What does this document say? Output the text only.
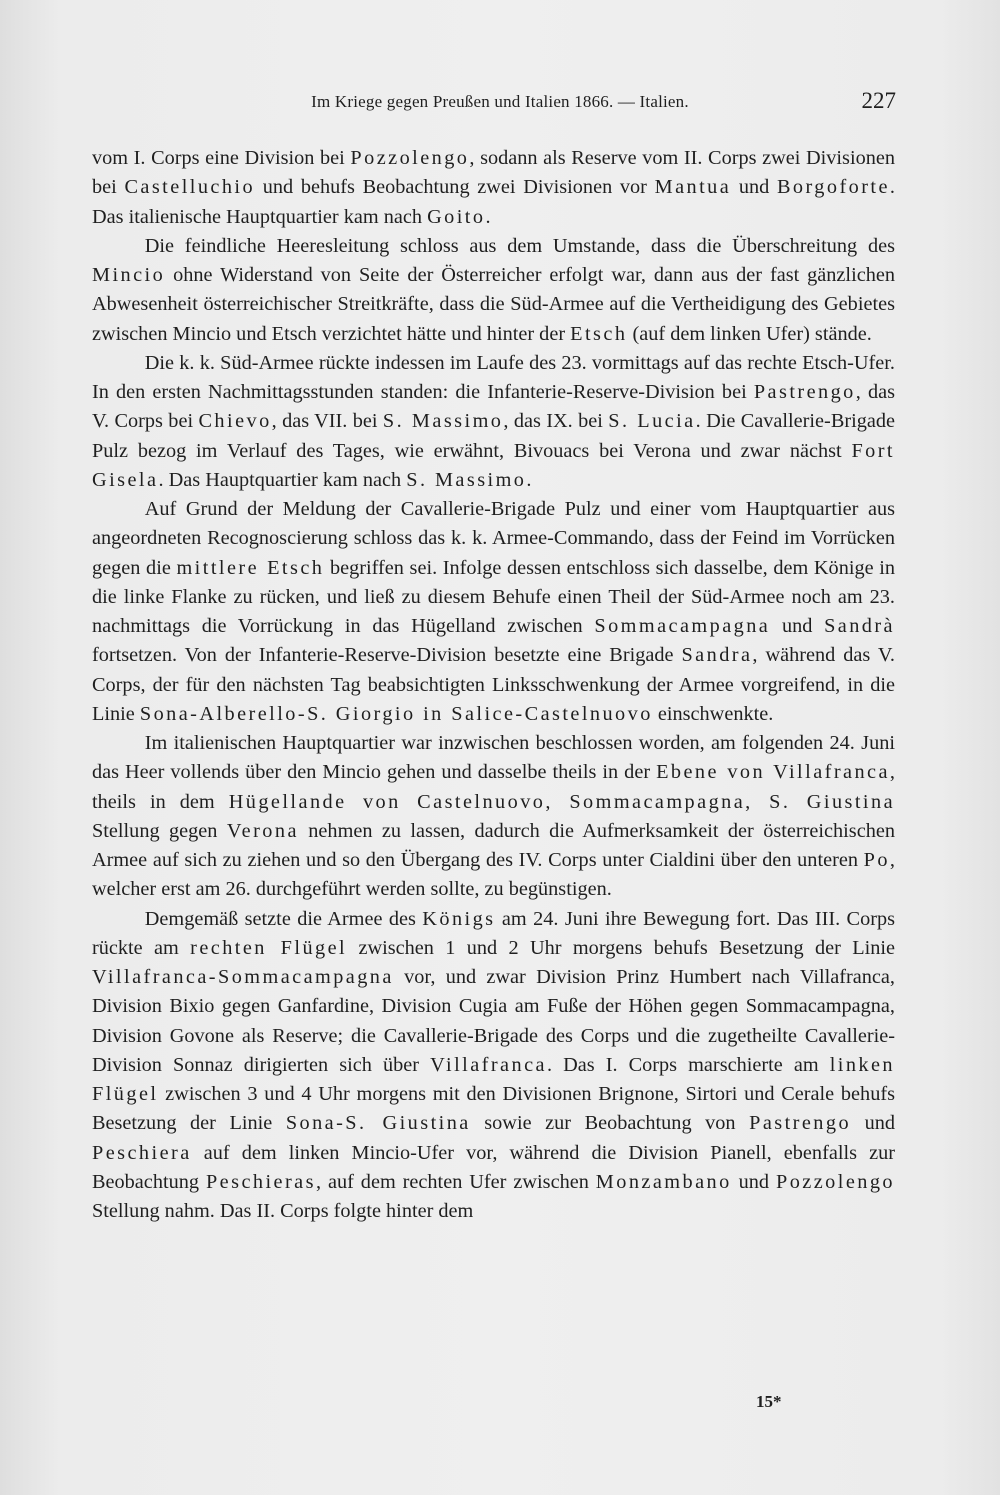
Im Kriege gegen Preußen und Italien 1866. — Italien.	227

vom I. Corps eine Division bei Pozzolengo, sodann als Reserve vom II. Corps zwei Divisionen bei Castelluchio und behufs Beobachtung zwei Divisionen vor Mantua und Borgoforte. Das italienische Hauptquartier kam nach Goito.

Die feindliche Heeresleitung schloss aus dem Umstande, dass die Überschreitung des Mincio ohne Widerstand von Seite der Österreicher erfolgt war, dann aus der fast gänzlichen Abwesenheit österreichischer Streitkräfte, dass die Süd-Armee auf die Vertheidigung des Gebietes zwischen Mincio und Etsch verzichtet hätte und hinter der Etsch (auf dem linken Ufer) stände.

Die k. k. Süd-Armee rückte indessen im Laufe des 23. vormittags auf das rechte Etsch-Ufer. In den ersten Nachmittagsstunden standen: die Infanterie-Reserve-Division bei Pastrengo, das V. Corps bei Chievo, das VII. bei S. Massimo, das IX. bei S. Lucia. Die Cavallerie-Brigade Pulz bezog im Verlauf des Tages, wie erwähnt, Bivouacs bei Verona und zwar nächst Fort Gisela. Das Hauptquartier kam nach S. Massimo.

Auf Grund der Meldung der Cavallerie-Brigade Pulz und einer vom Hauptquartier aus angeordneten Recognoscierung schloss das k. k. Armee-Commando, dass der Feind im Vorrücken gegen die mittlere Etsch begriffen sei. Infolge dessen entschloss sich dasselbe, dem Könige in die linke Flanke zu rücken, und ließ zu diesem Behufe einen Theil der Süd-Armee noch am 23. nachmittags die Vorrückung in das Hügelland zwischen Sommacampagna und Sandrà fortsetzen. Von der Infanterie-Reserve-Division besetzte eine Brigade Sandra, während das V. Corps, der für den nächsten Tag beabsichtigten Linksschwenkung der Armee vorgreifend, in die Linie Sona-Alberello-S. Giorgio in Salice-Castelnuovo einschwenkte.

Im italienischen Hauptquartier war inzwischen beschlossen worden, am folgenden 24. Juni das Heer vollends über den Mincio gehen und dasselbe theils in der Ebene von Villafranca, theils in dem Hügellande von Castelnuovo, Sommacampagna, S. Giustina Stellung gegen Verona nehmen zu lassen, dadurch die Aufmerksamkeit der österreichischen Armee auf sich zu ziehen und so den Übergang des IV. Corps unter Cialdini über den unteren Po, welcher erst am 26. durchgeführt werden sollte, zu begünstigen.

Demgemäß setzte die Armee des Königs am 24. Juni ihre Bewegung fort. Das III. Corps rückte am rechten Flügel zwischen 1 und 2 Uhr morgens behufs Besetzung der Linie Villafranca-Sommacampagna vor, und zwar Division Prinz Humbert nach Villafranca, Division Bixio gegen Ganfardine, Division Cugia am Fuße der Höhen gegen Sommacampagna, Division Govone als Reserve; die Cavallerie-Brigade des Corps und die zugetheilte Cavallerie-Division Sonnaz dirigierten sich über Villafranca. Das I. Corps marschierte am linken Flügel zwischen 3 und 4 Uhr morgens mit den Divisionen Brignone, Sirtori und Cerale behufs Besetzung der Linie Sona-S. Giustina sowie zur Beobachtung von Pastrengo und Peschiera auf dem linken Mincio-Ufer vor, während die Division Pianell, ebenfalls zur Beobachtung Peschieras, auf dem rechten Ufer zwischen Monzambano und Pozzolengo Stellung nahm. Das II. Corps folgte hinter dem

15*
